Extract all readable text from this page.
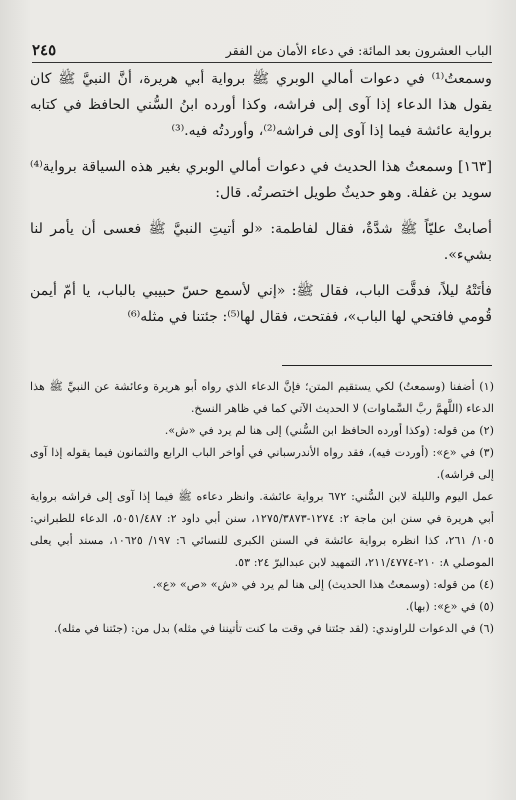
الباب العشرون بعد المائة: في دعاء الأمان من الفقر
٢٤٥

وسمعتُ⁽¹⁾ في دعوات أمالي الوبري ﷺ برواية أبي هريرة، أنَّ النبيَّ ﷺ كان يقول هذا الدعاء إذا آوى إلى فراشه، وكذا أورده ابنُ السُّني الحافظ في كتابه برواية عائشة فيما إذا آوى إلى فراشه⁽²⁾، وأوردتُه فيه.⁽³⁾

[١٦٣] وسمعتُ هذا الحديث في دعوات أمالي الوبري بغير هذه السياقة برواية⁽⁴⁾ سويد بن غفلة. وهو حديثٌ طويل اختصرتُه. قال:

أصابتْ عليّاً ﷺ شدَّةٌ، فقال لفاطمة: «لو أتيتِ النبيَّ ﷺ فعسى أن يأمر لنا بشيء».

فأتَتْهُ ليلاً، فدقَّت الباب، فقال ﷺ: «إني لأسمع حسّ حبيبي بالباب، يا أمّ أيمن قُومي فافتحي لها الباب»، ففتحت، فقال لها⁽⁵⁾: جئتنا في مثله⁽⁶⁾

(١) أضفنا (وسمعتُ) لكي يستقيم المتن؛ فإنَّ الدعاء الذي رواه أبو هريرة وعائشة عن النبيِّ ﷺ هذا الدعاء (اللَّهمَّ ربَّ السَّماوات) لا الحديث الآتي كما في ظاهر النسخ.

(٢) من قوله: (وكذا أورده الحافظ ابن السُّني) إلى هنا لم يرد في «ش».

(٣) في «ع»: (أوردت فيه)، فقد رواه الأندرسباني في أواخر الباب الرابع والثمانون فيما يقوله إذا آوى إلى فراشه).

عمل اليوم والليلة لابن السُّني: ٦٧٢ برواية عائشة. وانظر دعاءه ﷺ فيما إذا آوى إلى فراشه برواية أبي هريرة في سنن ابن ماجة ٢: ١٢٧٤-١٢٧٥/٣٨٧٣، سنن أبي داود ٢: ٥٠٥١/٤٨٧، الدعاء للطبراني: ١٠٥/ ٢٦١، كذا انظره برواية عائشة في السنن الكبرى للنسائي ٦: ١٩٧/ ١٠٦٢٥، مسند أبي يعلى الموصلي ٨: ٢١٠-٢١١/٤٧٧٤، التمهيد لابن عبدالبرّ ٢٤: ٥٣.

(٤) من قوله: (وسمعتُ هذا الحديث) إلى هنا لم يرد في «ش» «ص» «ع».

(٥) في «ع»: (بها).

(٦) في الدعوات للراوندي: (لقد جئتنا في وقت ما كنت تأتيننا في مثله) بدل من: (جئتنا في مثله).
